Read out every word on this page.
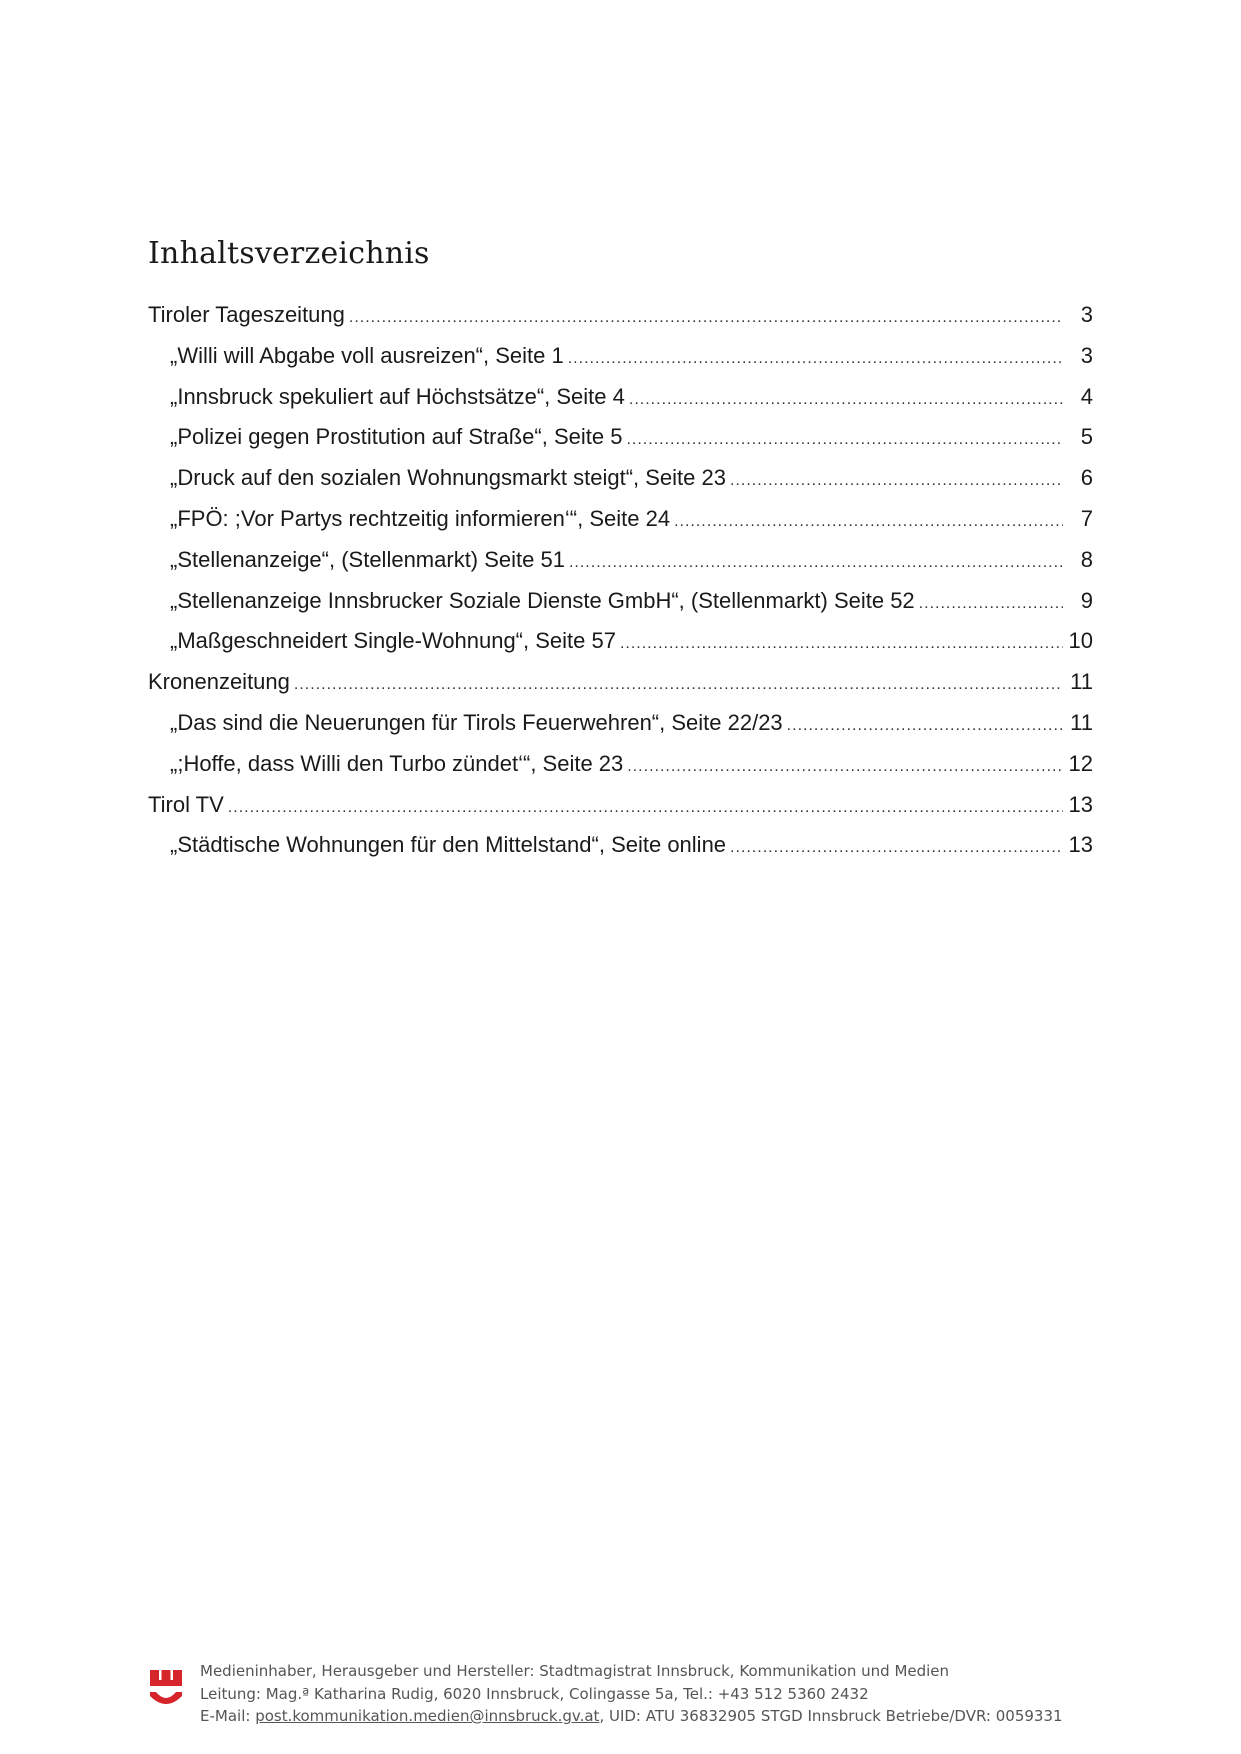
Inhaltsverzeichnis
Tiroler Tageszeitung .....	3
„Willi will Abgabe voll ausreizen“, Seite 1 .....	3
„Innsbruck spekuliert auf Höchstsätze“, Seite 4 .....	4
„Polizei gegen Prostitution auf Straße“, Seite 5 .....	5
„Druck auf den sozialen Wohnungsmarkt steigt“, Seite 23 .....	6
„FPÖ: ;Vor Partys rechtzeitig informieren‘“, Seite 24 .....	7
„Stellenanzeige“, (Stellenmarkt) Seite 51 .....	8
„Stellenanzeige Innsbrucker Soziale Dienste GmbH“, (Stellenmarkt) Seite 52 .....	9
„Maßgeschneidert Single-Wohnung“, Seite 57 .....	10
Kronenzeitung .....	11
„Das sind die Neuerungen für Tirols Feuerwehren“, Seite 22/23 .....	11
„;Hoffe, dass Willi den Turbo zündet‘“, Seite 23 .....	12
Tirol TV .....	13
„Städtische Wohnungen für den Mittelstand“, Seite online .....	13
Medieninhaber, Herausgeber und Hersteller: Stadtmagistrat Innsbruck, Kommunikation und Medien
Leitung: Mag.ª Katharina Rudig, 6020 Innsbruck, Colingasse 5a, Tel.: +43 512 5360 2432
E-Mail: post.kommunikation.medien@innsbruck.gv.at, UID: ATU 36832905 STGD Innsbruck Betriebe/DVR: 0059331
